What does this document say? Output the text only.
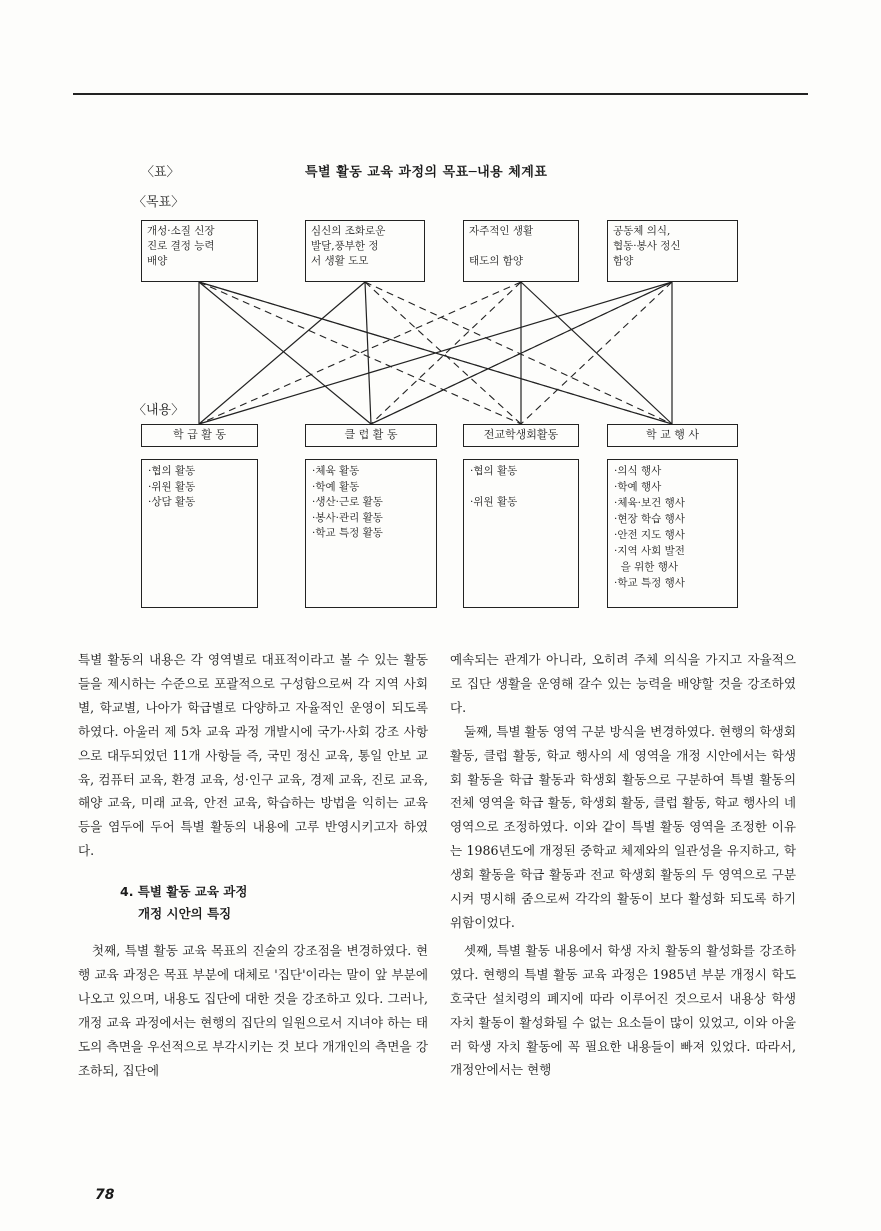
〈표〉	특별 활동 교육 과정의 목표─내용 체계표
〈목표〉
개성·소질 신장
진로 결정 능력
배양
심신의 조화로운
발달,풍부한 정
서 생활 도모
자주적인 생활

태도의 함양
공동체 의식,
협동·봉사 정신
함양
〈내용〉
학 급 활 동	클 럽 활 동	전교학생회활동	학 교 행 사
·협의 활동
·위원 활동
·상담 활동
·체육 활동
·학예 활동
·생산·근로 활동
·봉사·관리 활동
·학교 특정 활동
·협의 활동

·위원 활동
·의식 행사
·학예 행사
·체육·보건 행사
·현장 학습 행사
·안전 지도 행사
·지역 사회 발전
을 위한 행사
·학교 특정 행사

특별 활동의 내용은 각 영역별로 대표적이라고 볼 수 있는 활동들을 제시하는 수준으로 포괄적으로 구성함으로써 각 지역 사회별, 학교별, 나아가 학급별로 다양하고 자율적인 운영이 되도록 하였다. 아울러 제 5차 교육 과정 개발시에 국가·사회 강조 사항으로 대두되었던 11개 사항들 즉, 국민 정신 교육, 통일 안보 교육, 컴퓨터 교육, 환경 교육, 성·인구 교육, 경제 교육, 진로 교육, 해양 교육, 미래 교육, 안전 교육, 학습하는 방법을 익히는 교육 등을 염두에 두어 특별 활동의 내용에 고루 반영시키고자 하였다.

4. 특별 활동 교육 과정
개정 시안의 특징

첫째, 특별 활동 교육 목표의 진술의 강조점을 변경하였다. 현행 교육 과정은 목표 부분에 대체로 '집단'이라는 말이 앞 부분에 나오고 있으며, 내용도 집단에 대한 것을 강조하고 있다. 그러나, 개정 교육 과정에서는 현행의 집단의 일원으로서 지녀야 하는 태도의 측면을 우선적으로 부각시키는 것 보다 개개인의 측면을 강조하되, 집단에

예속되는 관계가 아니라, 오히려 주체 의식을 가지고 자율적으로 집단 생활을 운영해 갈수 있는 능력을 배양할 것을 강조하였다.

둘째, 특별 활동 영역 구분 방식을 변경하였다. 현행의 학생회 활동, 클럽 활동, 학교 행사의 세 영역을 개정 시안에서는 학생회 활동을 학급 활동과 학생회 활동으로 구분하여 특별 활동의 전체 영역을 학급 활동, 학생회 활동, 클럽 활동, 학교 행사의 네 영역으로 조정하였다. 이와 같이 특별 활동 영역을 조정한 이유는 1986년도에 개정된 중학교 체제와의 일관성을 유지하고, 학생회 활동을 학급 활동과 전교 학생회 활동의 두 영역으로 구분시켜 명시해 줌으로써 각각의 활동이 보다 활성화 되도록 하기 위함이었다.

셋째, 특별 활동 내용에서 학생 자치 활동의 활성화를 강조하였다. 현행의 특별 활동 교육 과정은 1985년 부분 개정시 학도호국단 설치령의 폐지에 따라 이루어진 것으로서 내용상 학생 자치 활동이 활성화될 수 없는 요소들이 많이 있었고, 이와 아울러 학생 자치 활동에 꼭 필요한 내용들이 빠져 있었다. 따라서, 개정안에서는 현행

78
